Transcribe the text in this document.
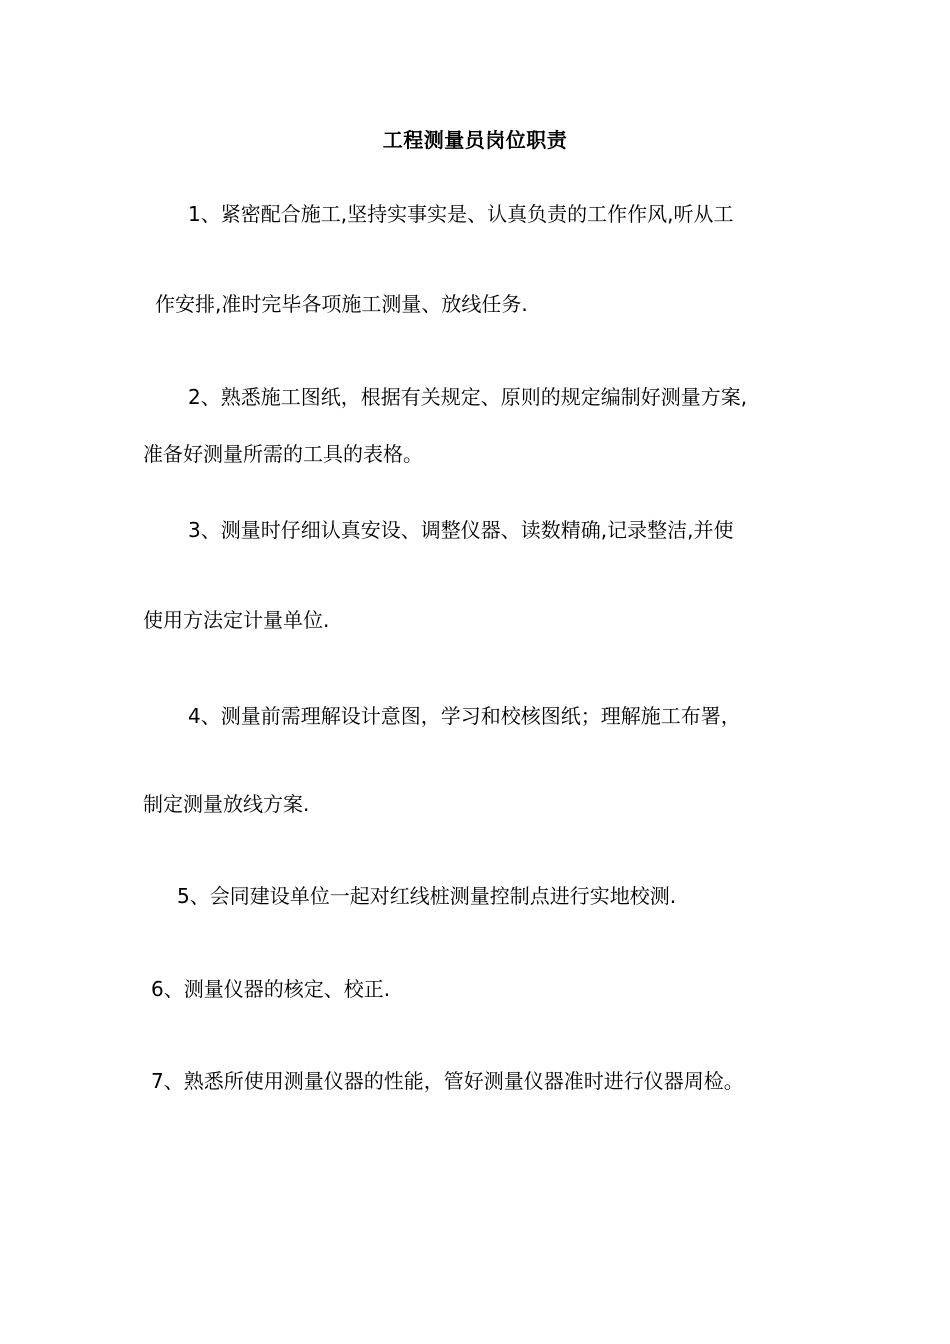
工程测量员岗位职责
1、紧密配合施工,坚持实事实是、认真负责的工作作风,听从工
作安排,准时完毕各项施工测量、放线任务.
2、熟悉施工图纸，根据有关规定、原则的规定编制好测量方案,
准备好测量所需的工具的表格。
3、测量时仔细认真安设、调整仪器、读数精确,记录整洁,并使
使用方法定计量单位.
4、测量前需理解设计意图，学习和校核图纸；理解施工布署，
制定测量放线方案.
5、会同建设单位一起对红线桩测量控制点进行实地校测.
6、测量仪器的核定、校正.
7、熟悉所使用测量仪器的性能，管好测量仪器准时进行仪器周检。
